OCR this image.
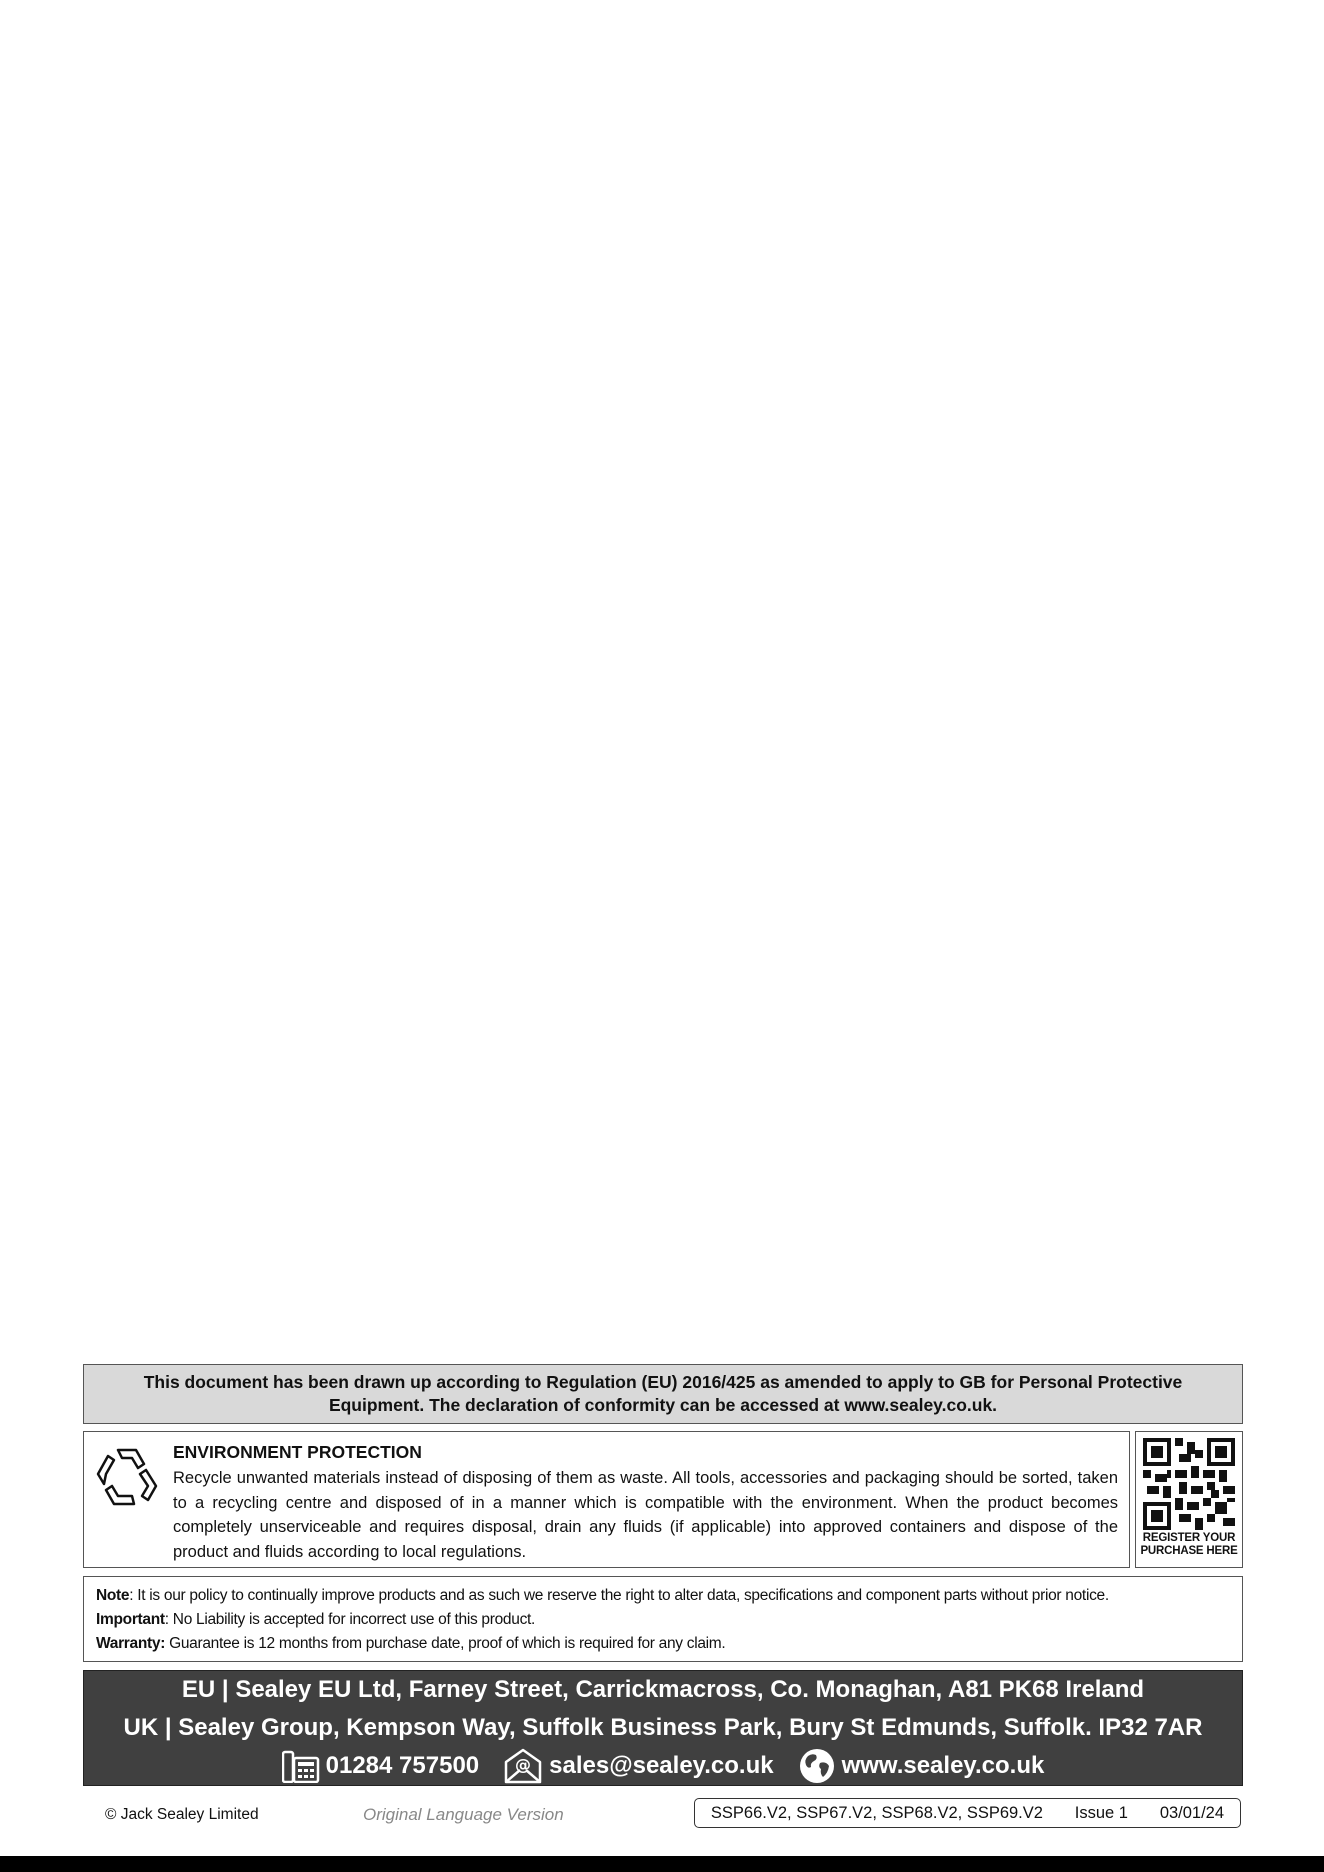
This document has been drawn up according to Regulation (EU) 2016/425 as amended to apply to GB for Personal Protective
Equipment. The declaration of conformity can be accessed at www.sealey.co.uk.
ENVIRONMENT PROTECTION
Recycle unwanted materials instead of disposing of them as waste. All tools, accessories and packaging should be sorted, taken to a recycling centre and disposed of in a manner which is compatible with the environment. When the product becomes completely unserviceable and requires disposal, drain any fluids (if applicable) into approved containers and dispose of the product and fluids according to local regulations.
REGISTER YOUR
PURCHASE HERE
Note: It is our policy to continually improve products and as such we reserve the right to alter data, specifications and component parts without prior notice.
Important: No Liability is accepted for incorrect use of this product.
Warranty: Guarantee is 12 months from purchase date, proof of which is required for any claim.
EU | Sealey EU Ltd, Farney Street, Carrickmacross, Co. Monaghan, A81 PK68 Ireland
UK | Sealey Group, Kempson Way, Suffolk Business Park, Bury St Edmunds, Suffolk. IP32 7AR
01284 757500 @ sales@sealey.co.uk	www.sealey.co.uk
© Jack Sealey Limited	Original Language Version	SSP66.V2, SSP67.V2, SSP68.V2, SSP69.V2 Issue 1 03/01/24
